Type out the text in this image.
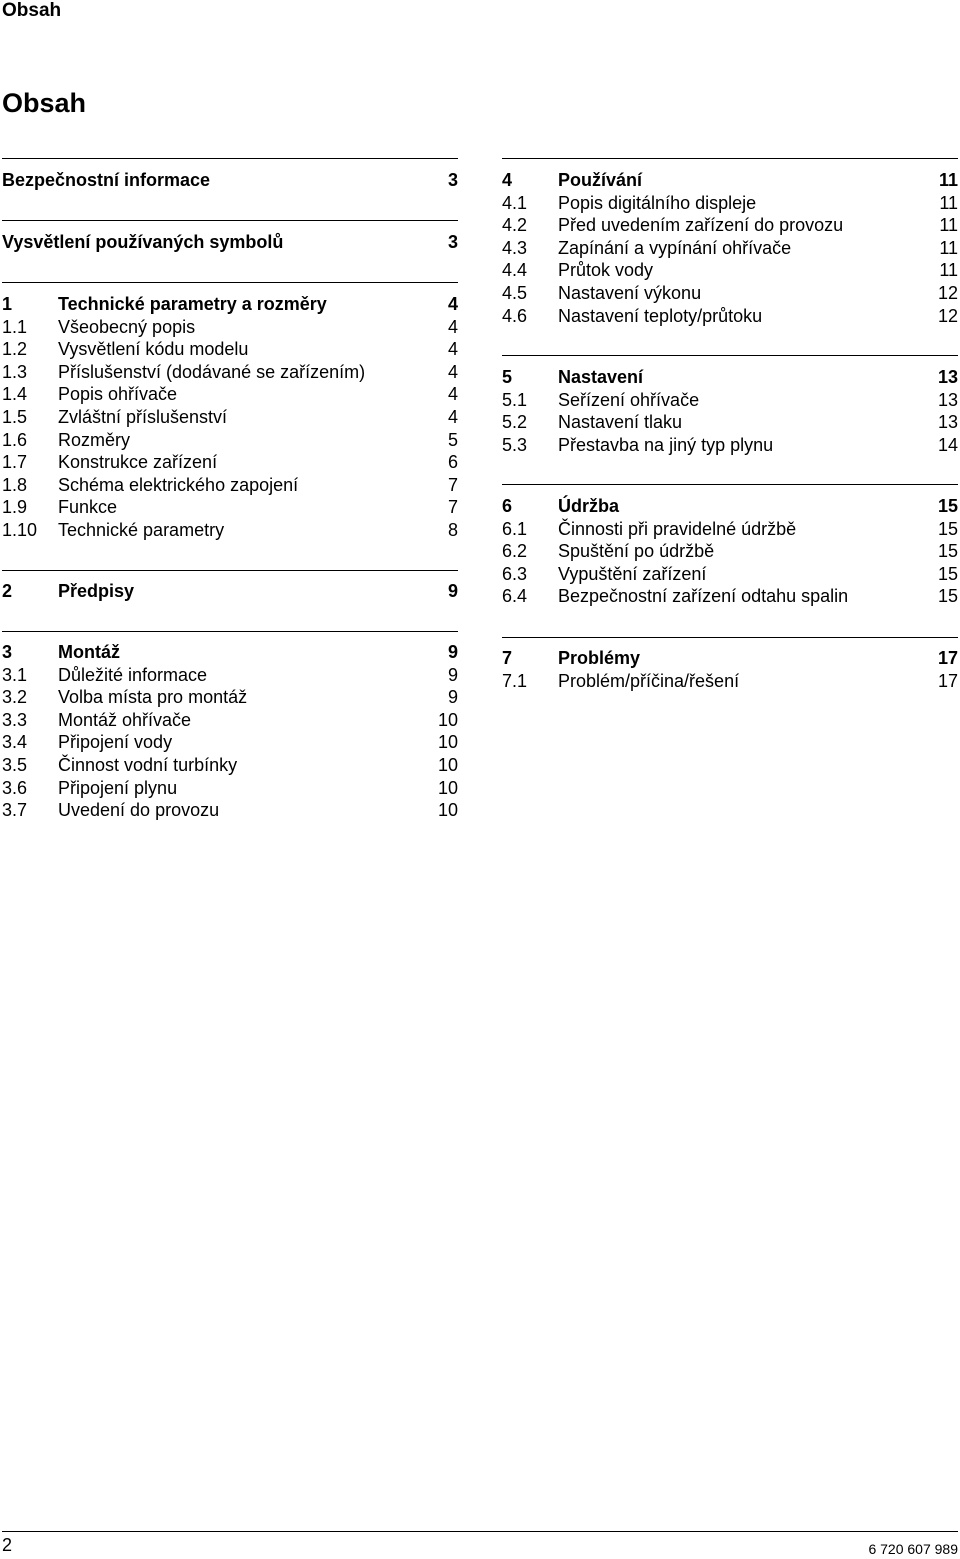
Obsah
Obsah
Bezpečnostní informace	3
Vysvětlení používaných symbolů	3
1	Technické parametry a rozměry	4
1.1 Všeobecný popis	4
1.2 Vysvětlení kódu modelu	4
1.3 Příslušenství (dodávané se zařízením)	4
1.4 Popis ohřívače	4
1.5 Zvláštní příslušenství	4
1.6 Rozměry	5
1.7 Konstrukce zařízení	6
1.8 Schéma elektrického zapojení	7
1.9 Funkce	7
1.10 Technické parametry	8
2	Předpisy	9
3	Montáž	9
3.1 Důležité informace	9
3.2 Volba místa pro montáž	9
3.3 Montáž ohřívače	10
3.4 Připojení vody	10
3.5 Činnost vodní turbínky	10
3.6 Připojení plynu	10
3.7 Uvedení do provozu	10
4	Používání	11
4.1 Popis digitálního displeje	11
4.2 Před uvedením zařízení do provozu	11
4.3 Zapínání a vypínání ohřívače	11
4.4 Průtok vody	11
4.5 Nastavení výkonu	12
4.6 Nastavení teploty/průtoku	12
5	Nastavení	13
5.1 Seřízení ohřívače	13
5.2 Nastavení tlaku	13
5.3 Přestavba na jiný typ plynu	14
6	Údržba	15
6.1 Činnosti při pravidelné údržbě	15
6.2 Spuštění po údržbě	15
6.3 Vypuštění zařízení	15
6.4 Bezpečnostní zařízení odtahu spalin	15
7	Problémy	17
7.1 Problém/příčina/řešení	17
2	6 720 607 989
